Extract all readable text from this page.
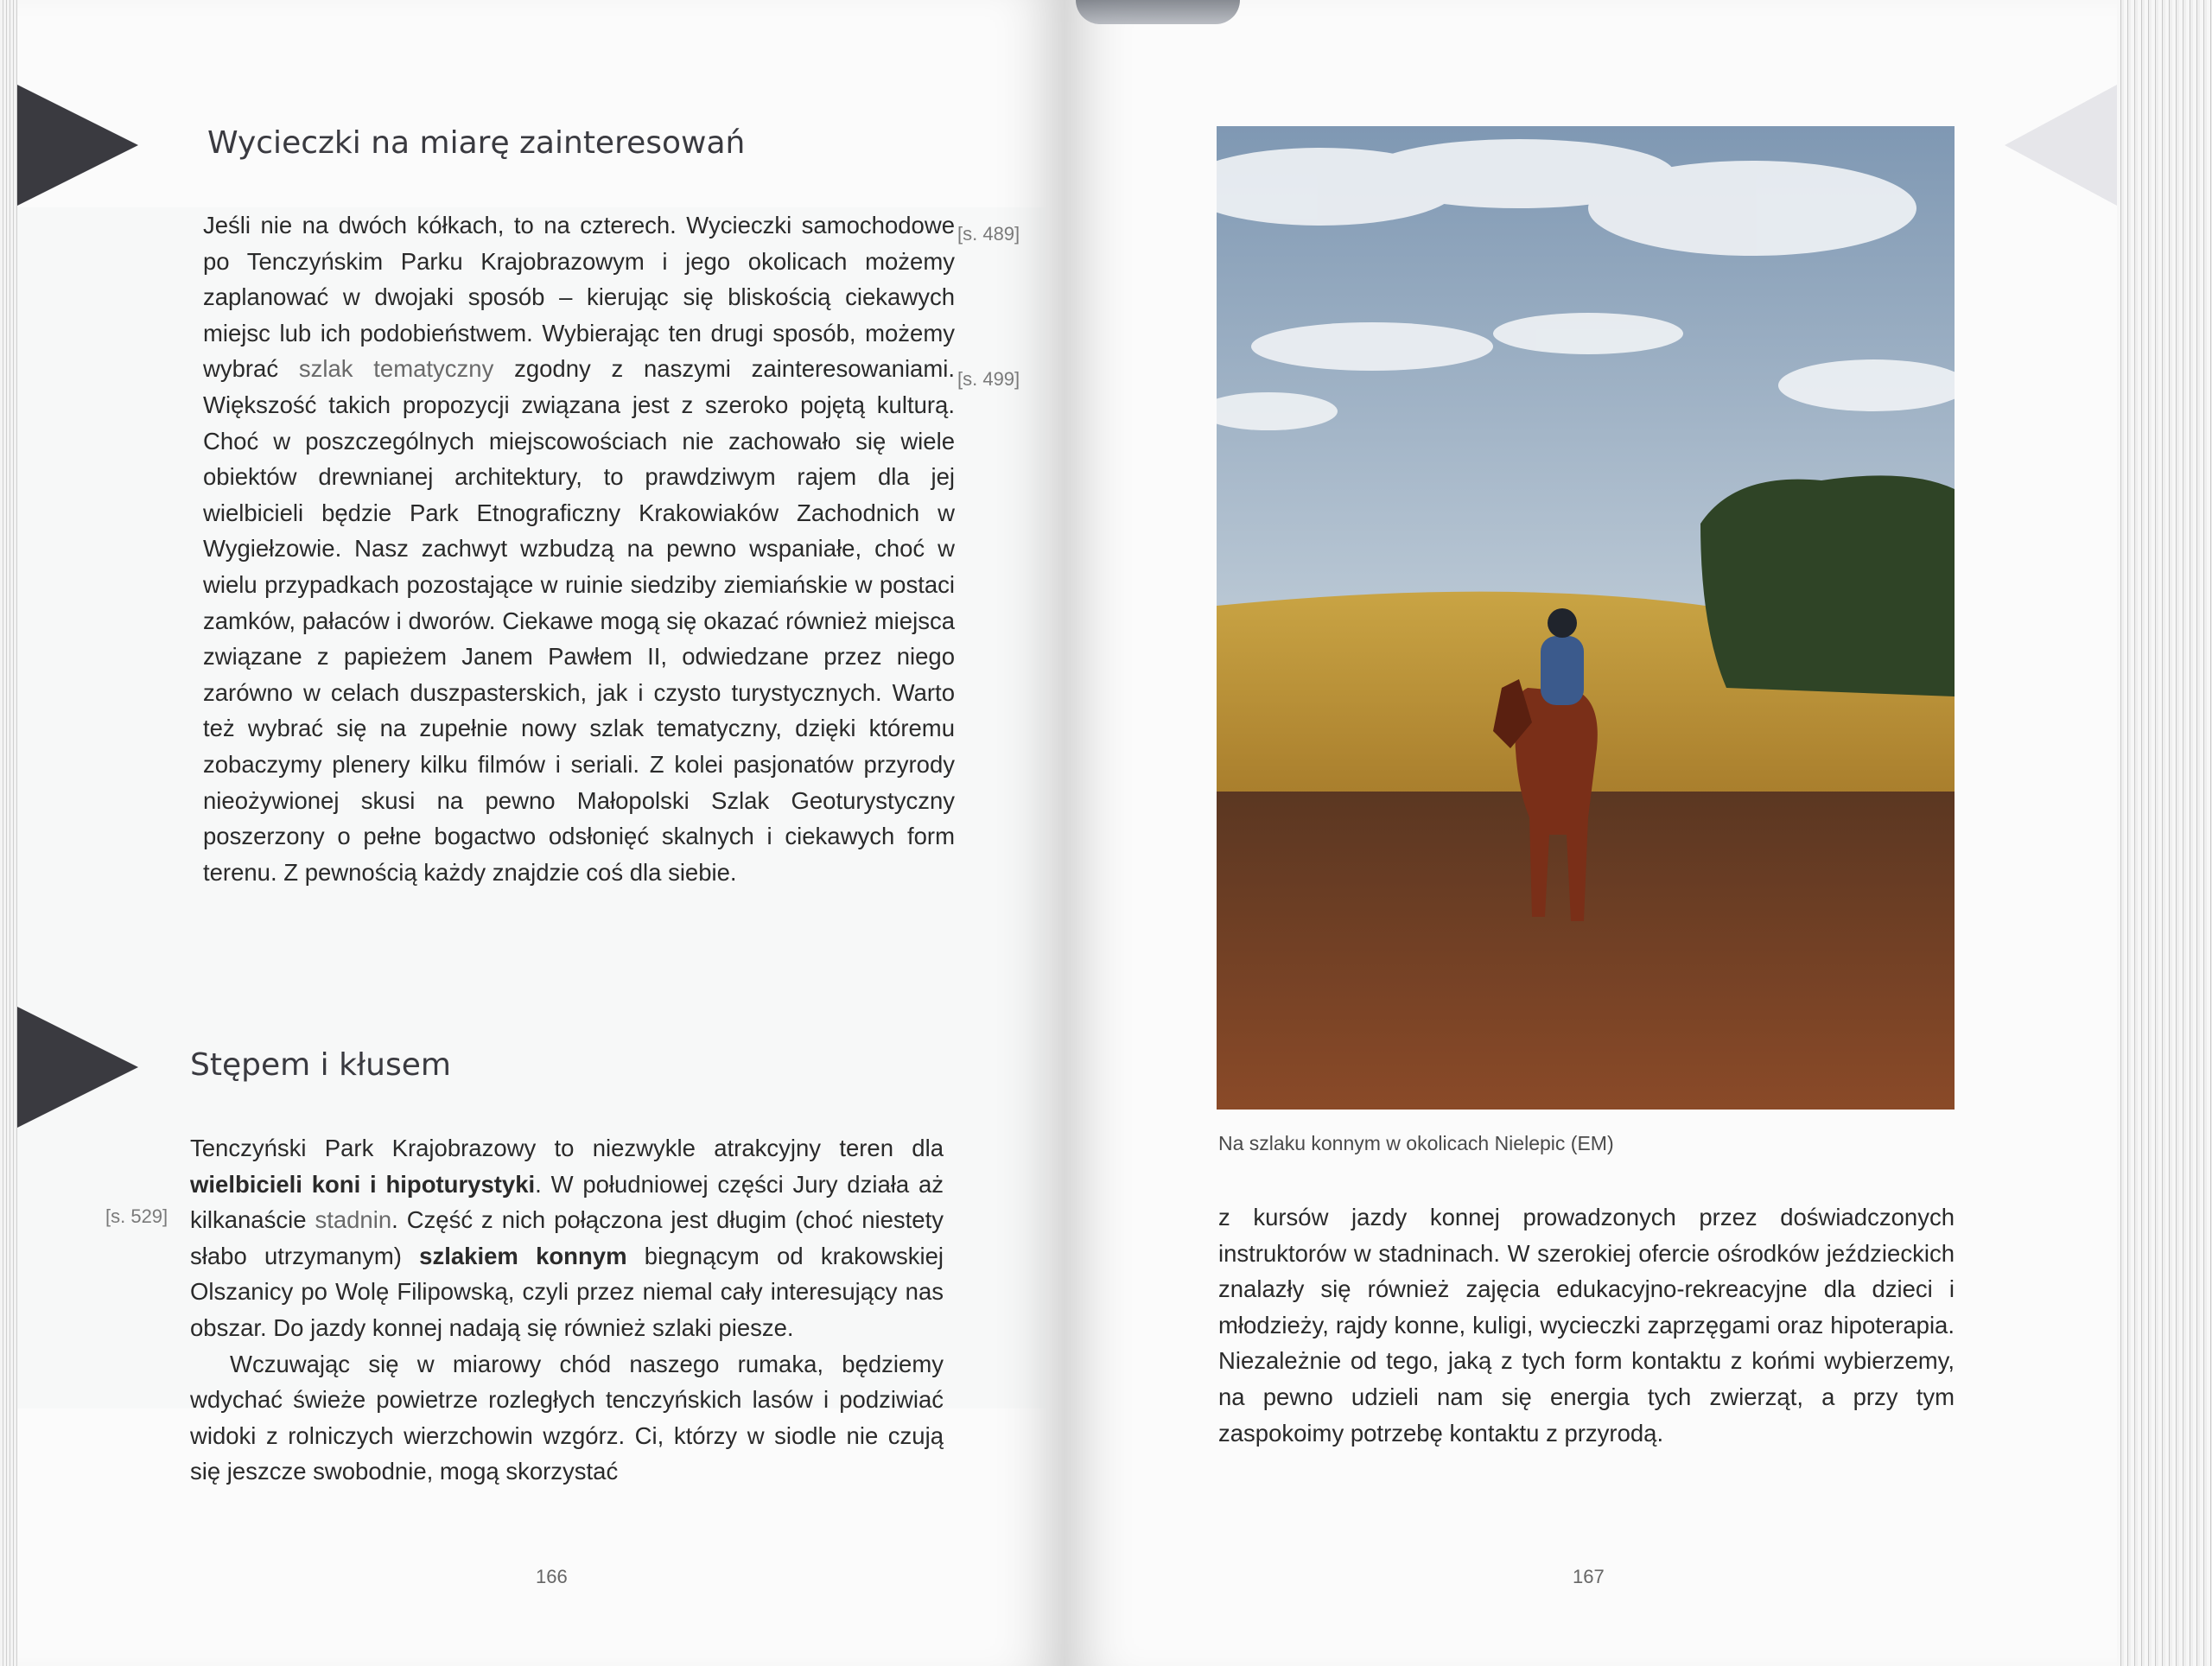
Wycieczki na miarę zainteresowań

Jeśli nie na dwóch kółkach, to na czterech. Wycieczki samochodowe po Tenczyńskim Parku Krajobrazowym i jego okolicach możemy zaplanować w dwojaki sposób – kierując się bliskością ciekawych miejsc lub ich podobieństwem. Wybierając ten drugi sposób, możemy wybrać szlak tematyczny zgodny z naszymi zainteresowaniami. Większość takich propozycji związana jest z szeroko pojętą kulturą. Choć w poszczególnych miejscowościach nie zachowało się wiele obiektów drewnianej architektury, to prawdziwym rajem dla jej wielbicieli będzie Park Etnograficzny Krakowiaków Zachodnich w Wygiełzowie. Nasz zachwyt wzbudzą na pewno wspaniałe, choć w wielu przypadkach pozostające w ruinie siedziby ziemiańskie w postaci zamków, pałaców i dworów. Ciekawe mogą się okazać również miejsca związane z papieżem Janem Pawłem II, odwiedzane przez niego zarówno w celach duszpasterskich, jak i czysto turystycznych. Warto też wybrać się na zupełnie nowy szlak tematyczny, dzięki któremu zobaczymy plenery kilku filmów i seriali. Z kolei pasjonatów przyrody nieożywionej skusi na pewno Małopolski Szlak Geoturystyczny poszerzony o pełne bogactwo odsłonięć skalnych i ciekawych form terenu. Z pewnością każdy znajdzie coś dla siebie.

[s. 489]
[s. 499]
Stępem i kłusem

Tenczyński Park Krajobrazowy to niezwykle atrakcyjny teren dla wielbicieli koni i hipoturystyki. W południowej części Jury działa aż kilkanaście stadnin. Część z nich połączona jest długim (choć niestety słabo utrzymanym) szlakiem konnym biegnącym od krakowskiej Olszanicy po Wolę Filipowską, czyli przez niemal cały interesujący nas obszar. Do jazdy konnej nadają się również szlaki piesze.

Wczuwając się w miarowy chód naszego rumaka, będziemy wdychać świeże powietrze rozległych tenczyńskich lasów i podziwiać widoki z rolniczych wierzchowin wzgórz. Ci, którzy w siodle nie czują się jeszcze swobodnie, mogą skorzystać

[s. 529]
166	167
Na szlaku konnym w okolicach Nielepic (EM)

z kursów jazdy konnej prowadzonych przez doświadczonych instruktorów w stadninach. W szerokiej ofercie ośrodków jeździeckich znalazły się również zajęcia edukacyjno-rekreacyjne dla dzieci i młodzieży, rajdy konne, kuligi, wycieczki zaprzęgami oraz hipoterapia. Niezależnie od tego, jaką z tych form kontaktu z końmi wybierzemy, na pewno udzieli nam się energia tych zwierząt, a przy tym zaspokoimy potrzebę kontaktu z przyrodą.
